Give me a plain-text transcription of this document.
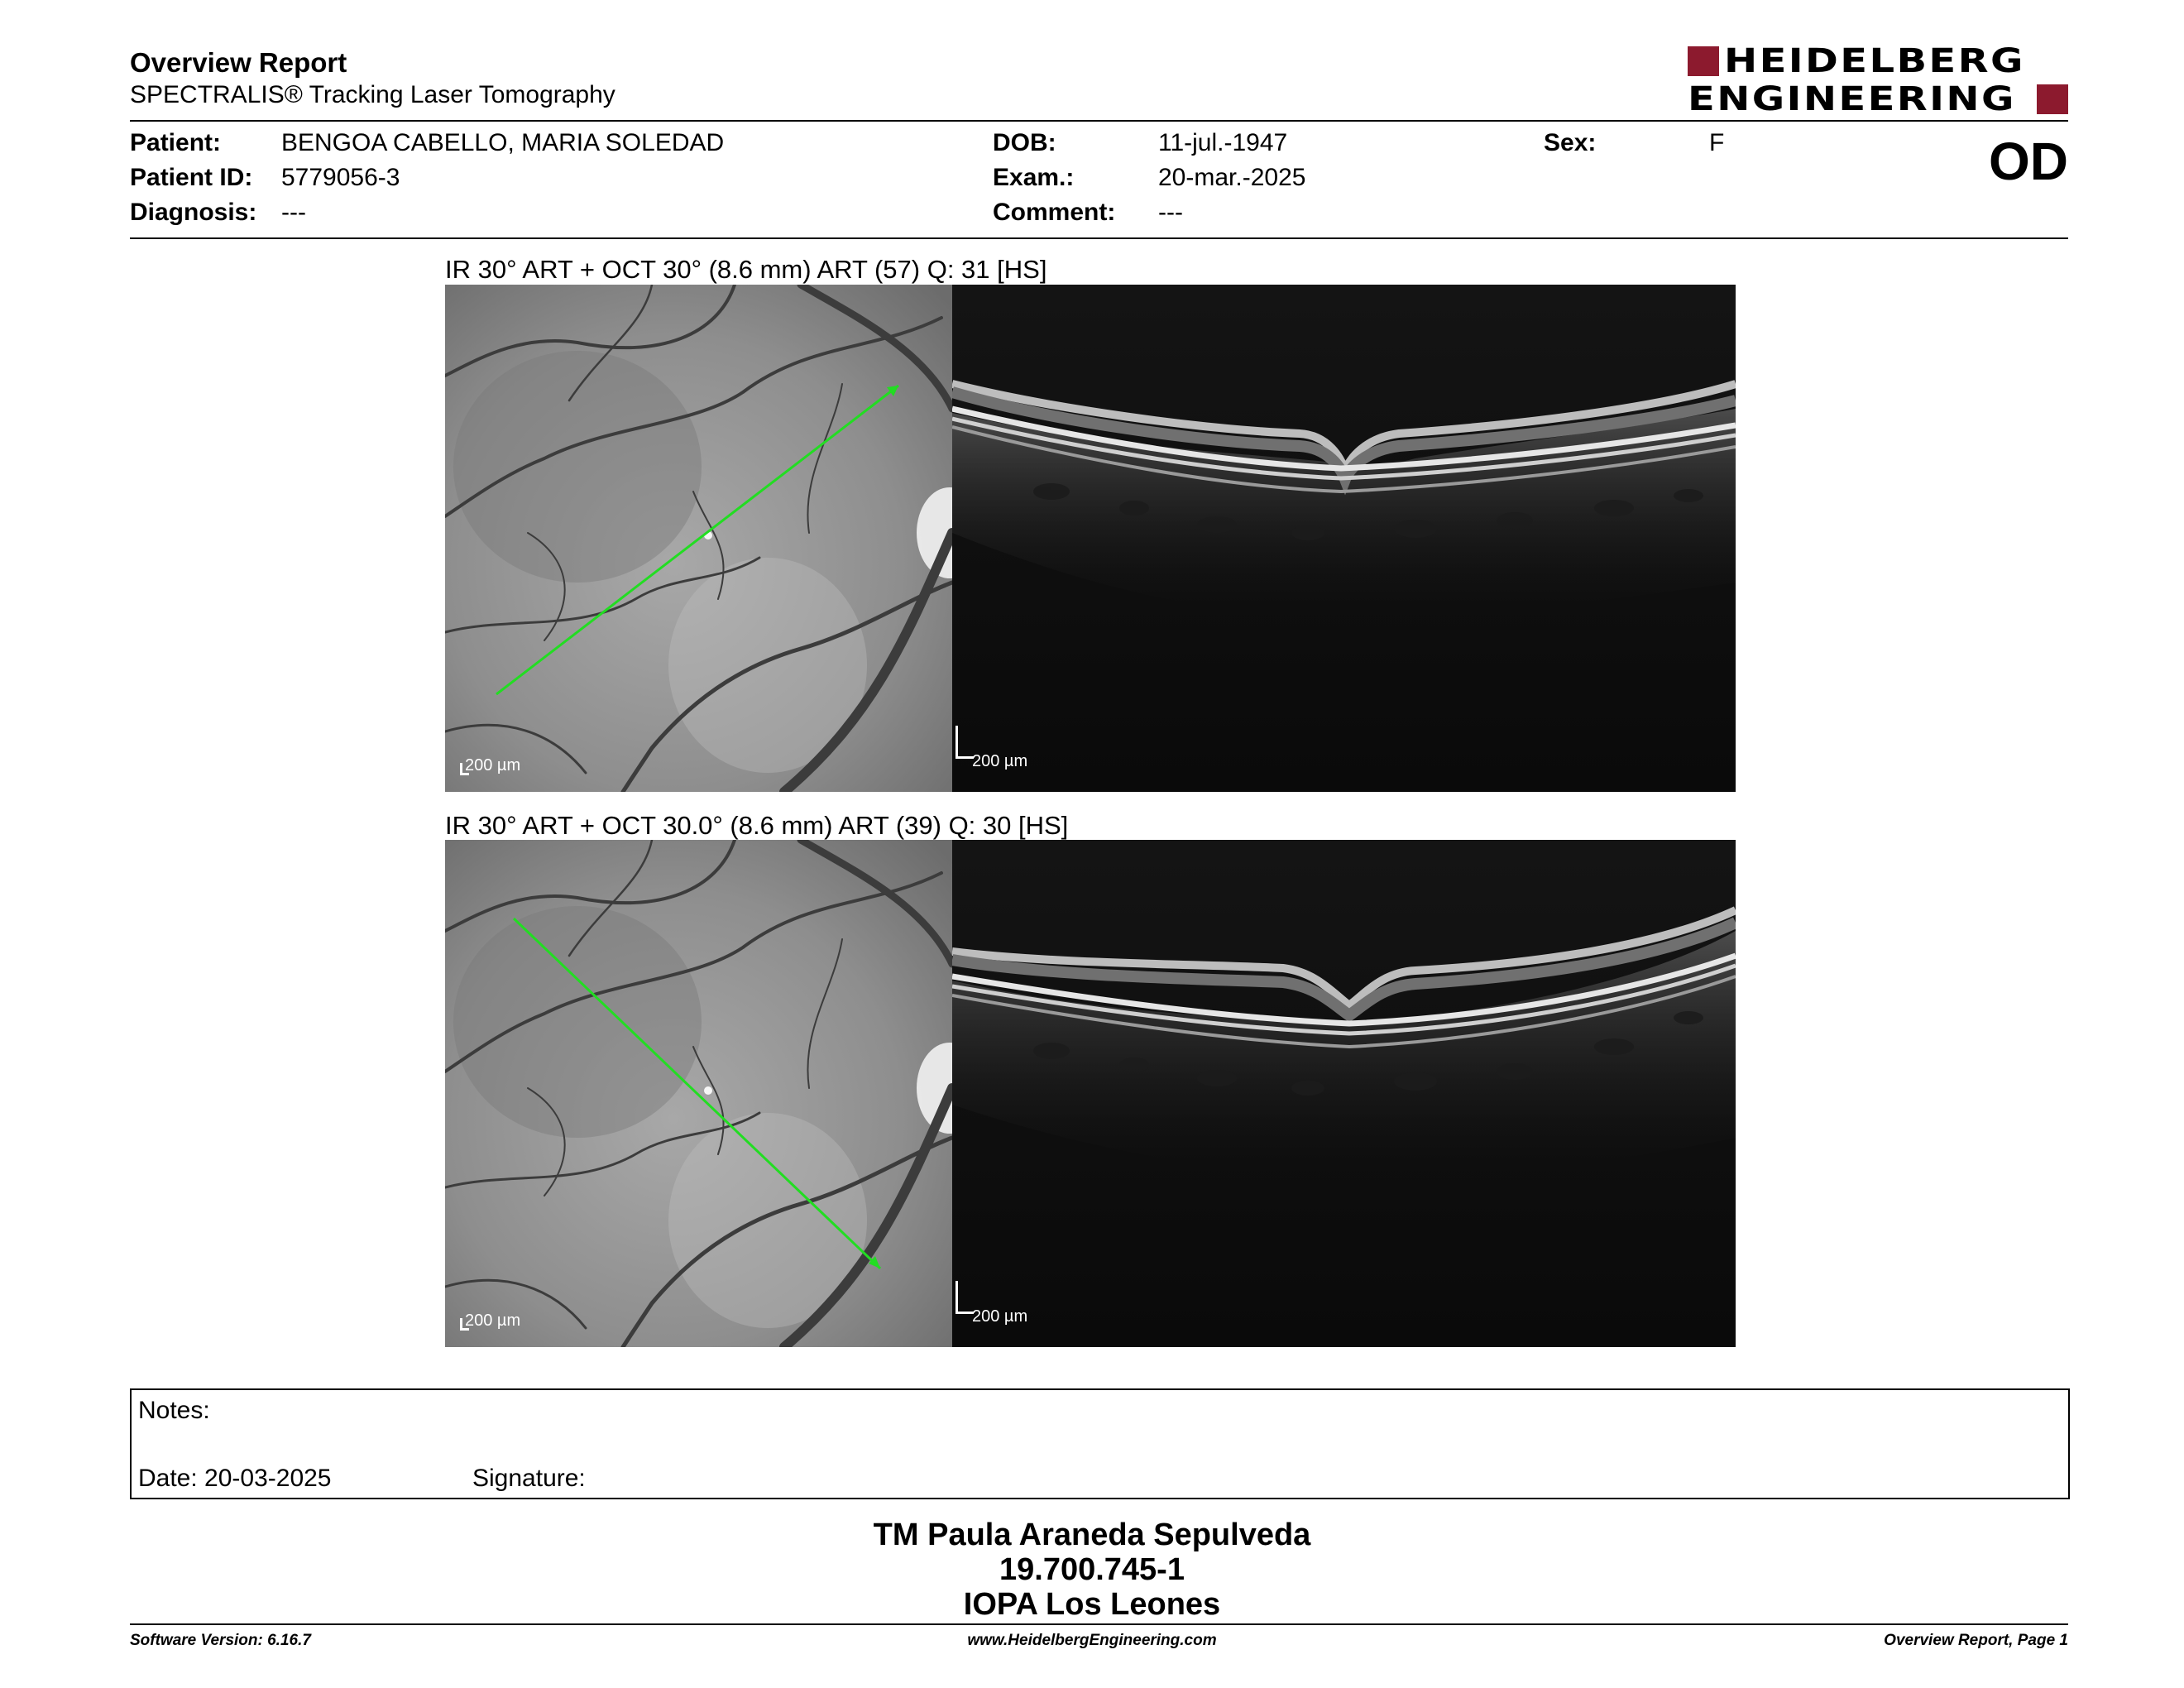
Overview Report
SPECTRALIS® Tracking Laser Tomography
HEIDELBERG
ENGINEERING
Patient: BENGOA CABELLO, MARIA SOLEDAD
Patient ID: 5779056-3
Diagnosis: ---
DOB:	11-jul.-1947
Exam.:	20-mar.-2025
Comment: ---
Sex:	F	OD
IR 30° ART + OCT 30° (8.6 mm) ART (57) Q: 31 [HS]
200 µm	200 µm
IR 30° ART + OCT 30.0° (8.6 mm) ART (39) Q: 30 [HS]
200 µm	200 µm
Notes:
Date: 20-03-2025	Signature:
TM Paula Araneda Sepulveda
19.700.745-1
IOPA Los Leones
Software Version: 6.16.7	www.HeidelbergEngineering.com	Overview Report, Page 1
